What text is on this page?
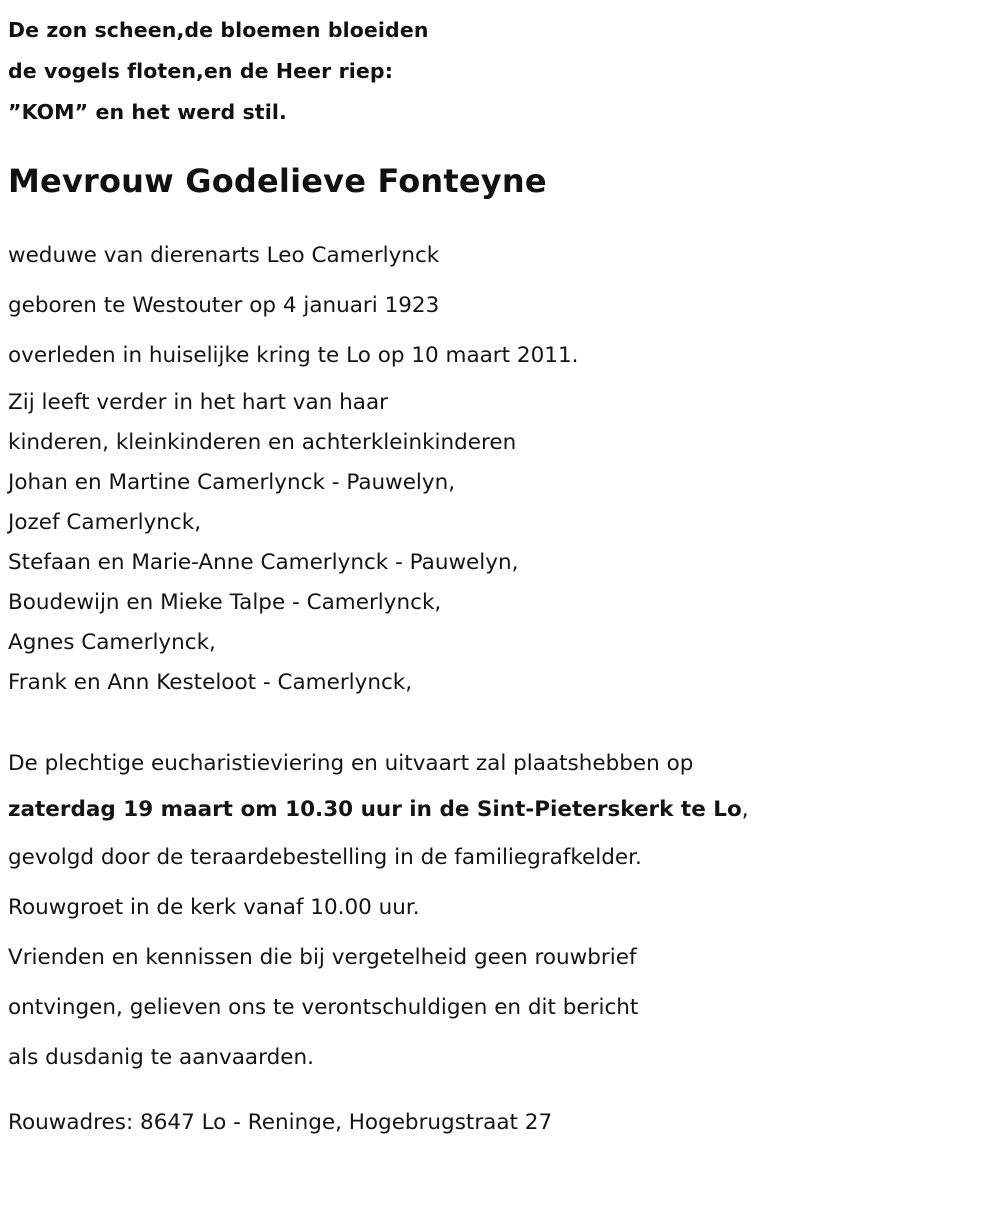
De zon scheen,de bloemen bloeiden
de vogels floten,en de Heer riep:
”KOM” en het werd stil.
Mevrouw Godelieve Fonteyne
weduwe van dierenarts Leo Camerlynck
geboren te Westouter op 4 januari 1923
overleden in huiselijke kring te Lo op 10 maart 2011.
Zij leeft verder in het hart van haar
kinderen, kleinkinderen en achterkleinkinderen
Johan en Martine Camerlynck - Pauwelyn,
Jozef Camerlynck,
Stefaan en Marie-Anne Camerlynck - Pauwelyn,
Boudewijn en Mieke Talpe - Camerlynck,
Agnes Camerlynck,
Frank en Ann Kesteloot - Camerlynck,
De plechtige eucharistieviering en uitvaart zal plaatshebben op
zaterdag 19 maart om 10.30 uur in de Sint-Pieterskerk te Lo,
gevolgd door de teraardebestelling in de familiegrafkelder.
Rouwgroet in de kerk vanaf 10.00 uur.
Vrienden en kennissen die bij vergetelheid geen rouwbrief
ontvingen, gelieven ons te verontschuldigen en dit bericht
als dusdanig te aanvaarden.
Rouwadres: 8647 Lo - Reninge, Hogebrugstraat 27
